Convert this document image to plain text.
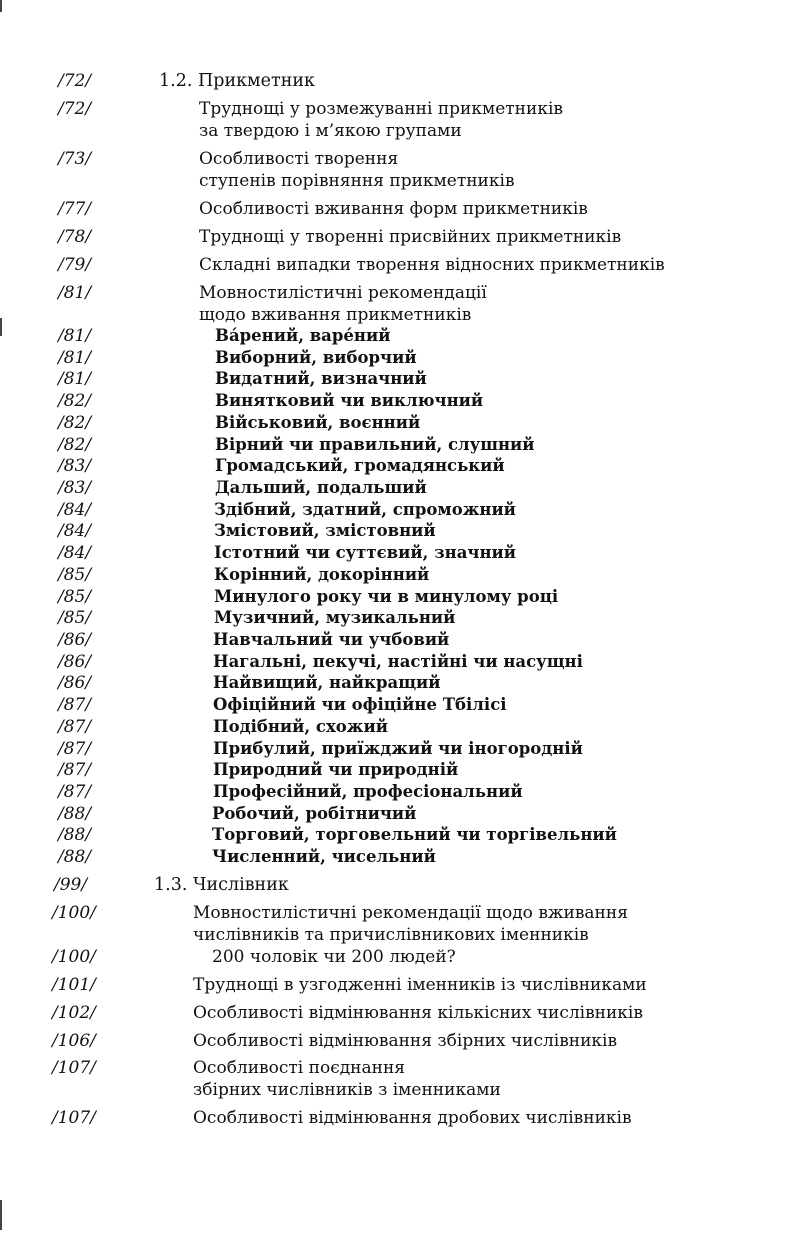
/72/	1.2. Прикметник
/72/	Труднощі у розмежуванні прикметників
за твердою і м’якою групами
/73/	Особливості творення
ступенів порівняння прикметників
/77/	Особливості вживання форм прикметників
/78/	Труднощі у творенні присвійних прикметників
/79/	Складні випадки творення відносних прикметників
/81/	Мовностилістичні рекомендації
щодо вживання прикметників
/81/	Ва́рений, варе́ний
/81/	Виборний, виборчий
/81/	Видатний, визначний
/82/	Винятковий чи виключний
/82/	Військовий, воєнний
/82/	Вірний чи правильний, слушний
/83/	Громадський, громадянський
/83/	Дальший, подальший
/84/	Здібний, здатний, спроможний
/84/	Змістовий, змістовний
/84/	Істотний чи суттєвий, значний
/85/	Корінний, докорінний
/85/	Минулого року чи в минулому році
/85/	Музичний, музикальний
/86/	Навчальний чи учбовий
/86/	Нагальні, пекучі, настійні чи насущні
/86/	Найвищий, найкращий
/87/	Офіційний чи офіційне Тбілісі
/87/	Подібний, схожий
/87/	Прибулий, приїжджий чи іногородній
/87/	Природний чи природній
/87/	Професійний, професіональний
/88/	Робочий, робітничий
/88/	Торговий, торговельний чи торгівельний
/88/	Численний, чисельний
/99/	1.3. Числівник
/100/	Мовностилістичні рекомендації щодо вживання
числівників та причислівникових іменників
/100/	200 чоловік чи 200 людей?
/101/	Труднощі в узгодженні іменників із числівниками
/102/	Особливості відмінювання кількісних числівників
/106/	Особливості відмінювання збірних числівників
/107/	Особливості поєднання
збірних числівників з іменниками
/107/	Особливості відмінювання дробових числівників
